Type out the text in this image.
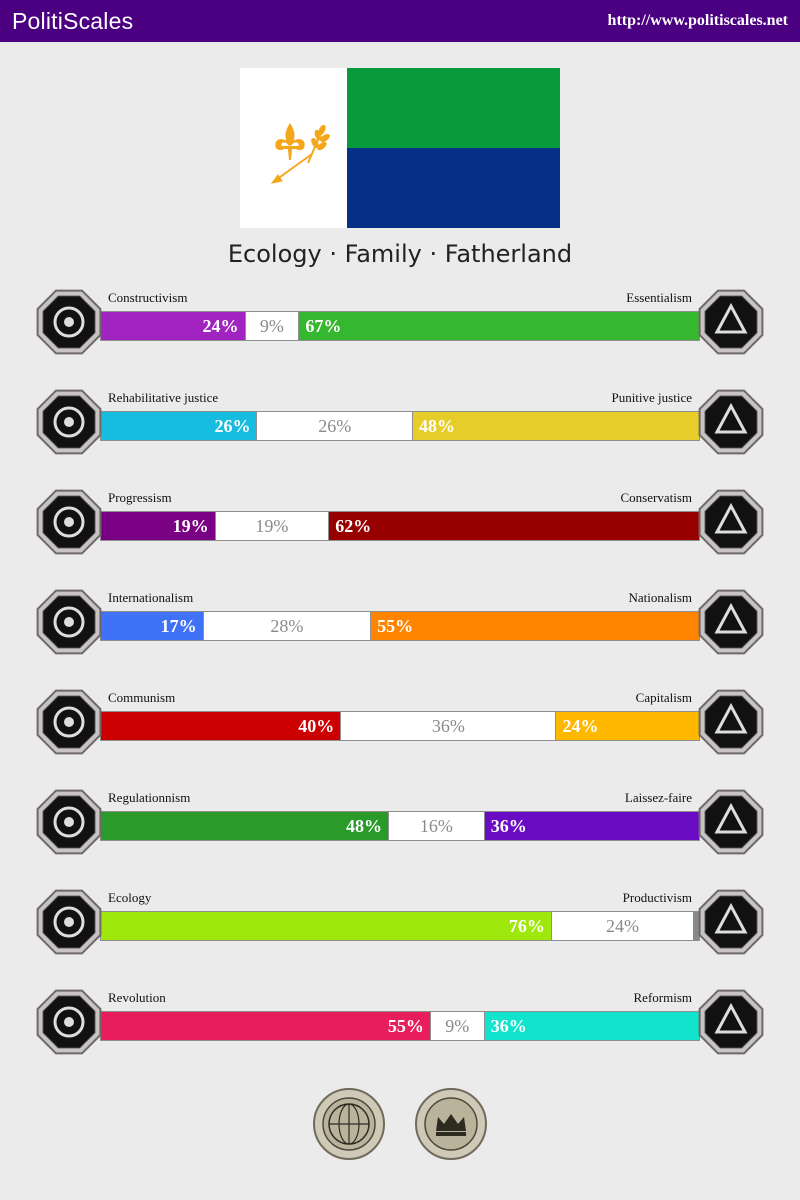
PolitiScales	http://www.politiscales.net
Ecology · Family · Fatherland
Constructivism	Essentialism
24%	9%	67%
Rehabilitative justice	Punitive justice
26%	26%	48%
Progressism	Conservatism
19%	19%	62%
Internationalism	Nationalism
17%	28%	55%
Communism	Capitalism
40%	36%	24%
Regulationnism	Laissez-faire
48%	16%	36%
Ecology	Productivism
76%	24%
Revolution	Reformism
55%	9%	36%
